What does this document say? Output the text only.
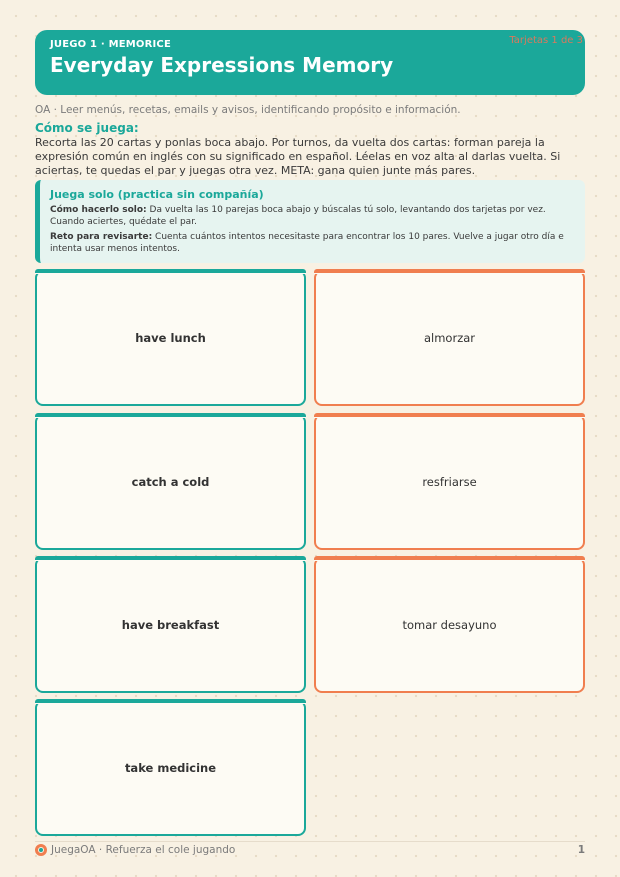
JUEGO 1 · MEMORICE
Everyday Expressions Memory
Tarjetas 1 de 3
OA · Leer menús, recetas, emails y avisos, identificando propósito e información.
Cómo se juega:
Recorta las 20 cartas y ponlas boca abajo. Por turnos, da vuelta dos cartas: forman pareja la expresión común en inglés con su significado en español. Léelas en voz alta al darlas vuelta. Si aciertas, te quedas el par y juegas otra vez. META: gana quien junte más pares.
Juega solo (practica sin compañía)
Cómo hacerlo solo: Da vuelta las 10 parejas boca abajo y búscalas tú solo, levantando dos tarjetas por vez. Cuando aciertes, quédate el par.
Reto para revisarte: Cuenta cuántos intentos necesitaste para encontrar los 10 pares. Vuelve a jugar otro día e intenta usar menos intentos.
have lunch	almorzar
catch a cold	resfriarse
have breakfast	tomar desayuno
take medicine
JuegaOA · Refuerza el cole jugando	1
